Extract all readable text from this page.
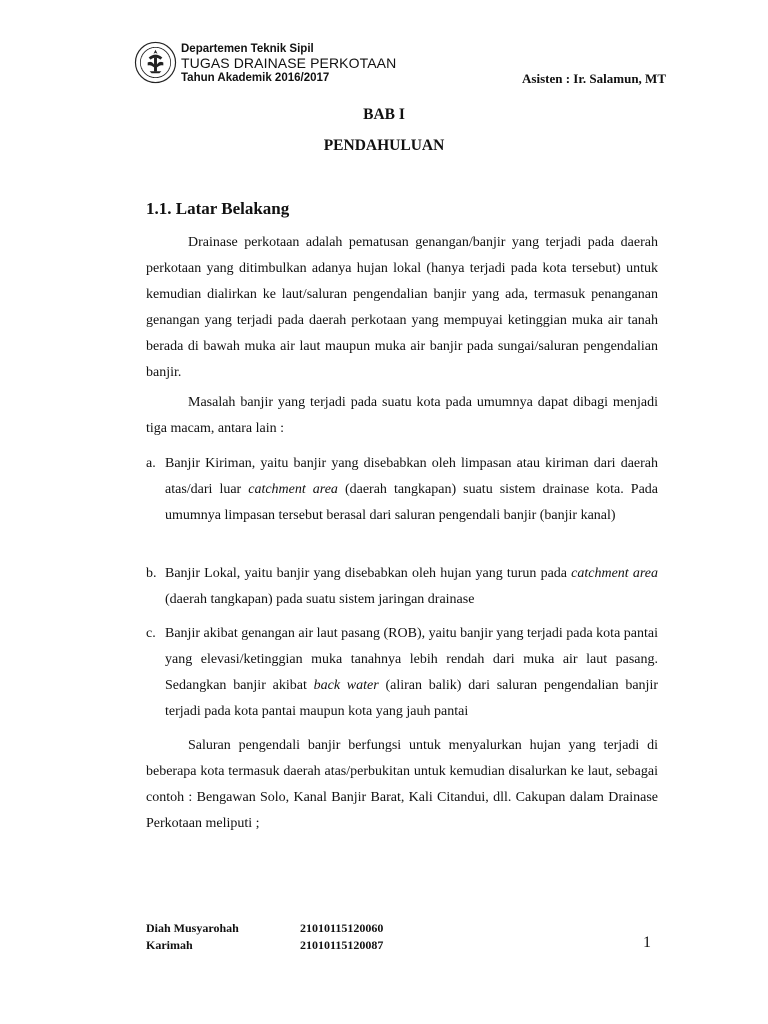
Departemen Teknik Sipil
TUGAS DRAINASE PERKOTAAN
Tahun Akademik 2016/2017	Asisten : Ir. Salamun, MT
BAB I
PENDAHULUAN
1.1. Latar Belakang

Drainase perkotaan adalah pematusan genangan/banjir yang terjadi pada daerah perkotaan yang ditimbulkan adanya hujan lokal (hanya terjadi pada kota tersebut) untuk kemudian dialirkan ke laut/saluran pengendalian banjir yang ada, termasuk penanganan genangan yang terjadi pada daerah perkotaan yang mempuyai ketinggian muka air tanah berada di bawah muka air laut maupun muka air banjir pada sungai/saluran pengendalian banjir.

Masalah banjir yang terjadi pada suatu kota pada umumnya dapat dibagi menjadi tiga macam, antara lain :

a. Banjir Kiriman, yaitu banjir yang disebabkan oleh limpasan atau kiriman dari daerah atas/dari luar catchment area (daerah tangkapan) suatu sistem drainase kota. Pada umumnya limpasan tersebut berasal dari saluran pengendali banjir (banjir kanal)
b. Banjir Lokal, yaitu banjir yang disebabkan oleh hujan yang turun pada catchment area (daerah tangkapan) pada suatu sistem jaringan drainase
c. Banjir akibat genangan air laut pasang (ROB), yaitu banjir yang terjadi pada kota pantai yang elevasi/ketinggian muka tanahnya lebih rendah dari muka air laut pasang. Sedangkan banjir akibat back water (aliran balik) dari saluran pengendalian banjir terjadi pada kota pantai maupun kota yang jauh pantai

Saluran pengendali banjir berfungsi untuk menyalurkan hujan yang terjadi di beberapa kota termasuk daerah atas/perbukitan untuk kemudian disalurkan ke laut, sebagai contoh : Bengawan Solo, Kanal Banjir Barat, Kali Citandui, dll. Cakupan dalam Drainase Perkotaan meliputi ;

Diah Musyarohah	21010115120060
Karimah	21010115120087	1
